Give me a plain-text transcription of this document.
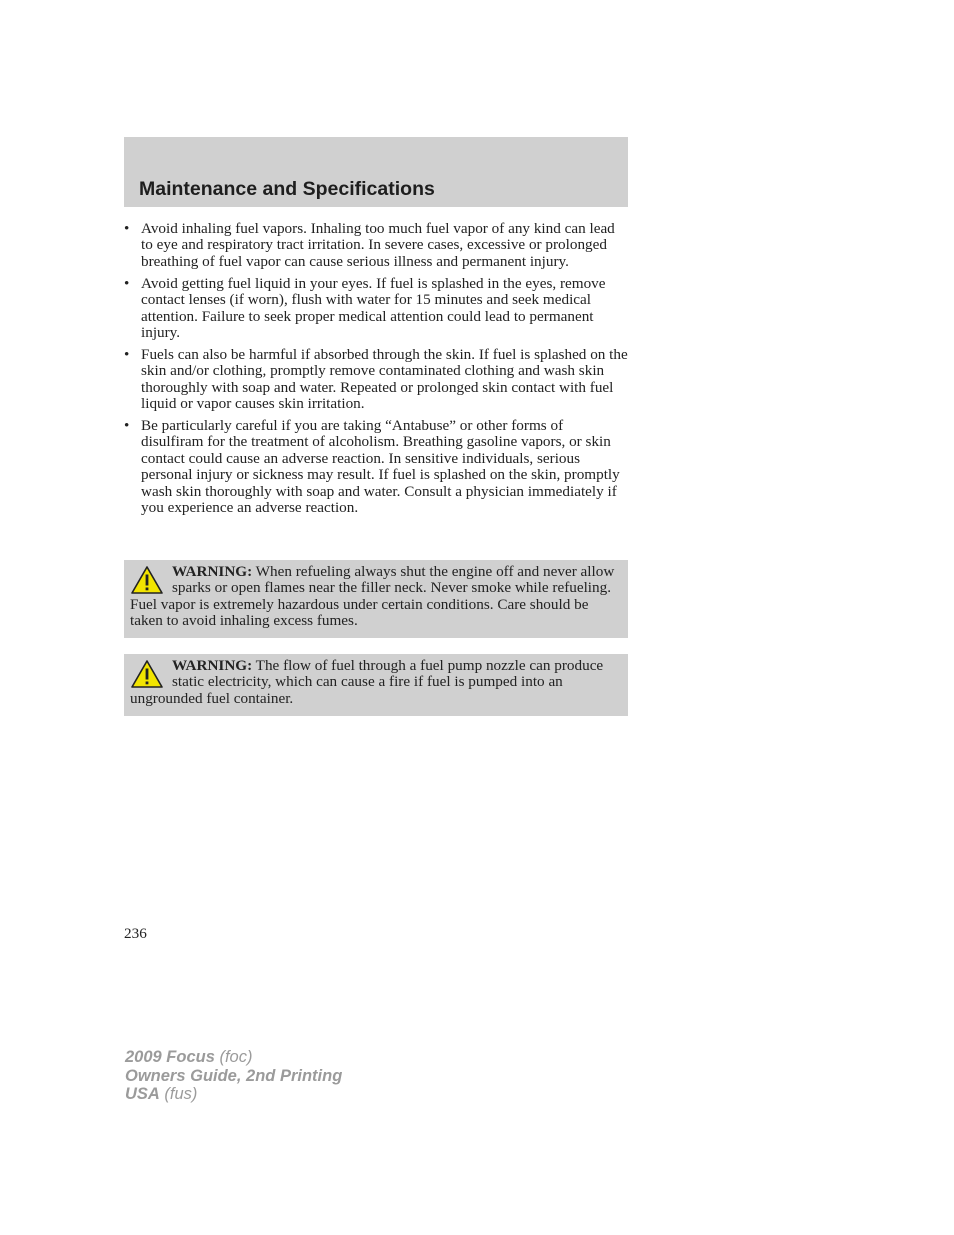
Maintenance and Specifications
• Avoid inhaling fuel vapors. Inhaling too much fuel vapor of any kind can lead to eye and respiratory tract irritation. In severe cases, excessive or prolonged breathing of fuel vapor can cause serious illness and permanent injury.
• Avoid getting fuel liquid in your eyes. If fuel is splashed in the eyes, remove contact lenses (if worn), flush with water for 15 minutes and seek medical attention. Failure to seek proper medical attention could lead to permanent injury.
• Fuels can also be harmful if absorbed through the skin. If fuel is splashed on the skin and/or clothing, promptly remove contaminated clothing and wash skin thoroughly with soap and water. Repeated or prolonged skin contact with fuel liquid or vapor causes skin irritation.
• Be particularly careful if you are taking “Antabuse” or other forms of disulfiram for the treatment of alcoholism. Breathing gasoline vapors, or skin contact could cause an adverse reaction. In sensitive individuals, serious personal injury or sickness may result. If fuel is splashed on the skin, promptly wash skin thoroughly with soap and water. Consult a physician immediately if you experience an adverse reaction.
WARNING: When refueling always shut the engine off and never allow sparks or open flames near the filler neck. Never smoke while refueling. Fuel vapor is extremely hazardous under certain conditions. Care should be taken to avoid inhaling excess fumes.
WARNING: The flow of fuel through a fuel pump nozzle can produce static electricity, which can cause a fire if fuel is pumped into an ungrounded fuel container.
236
2009 Focus (foc)
Owners Guide, 2nd Printing
USA (fus)
